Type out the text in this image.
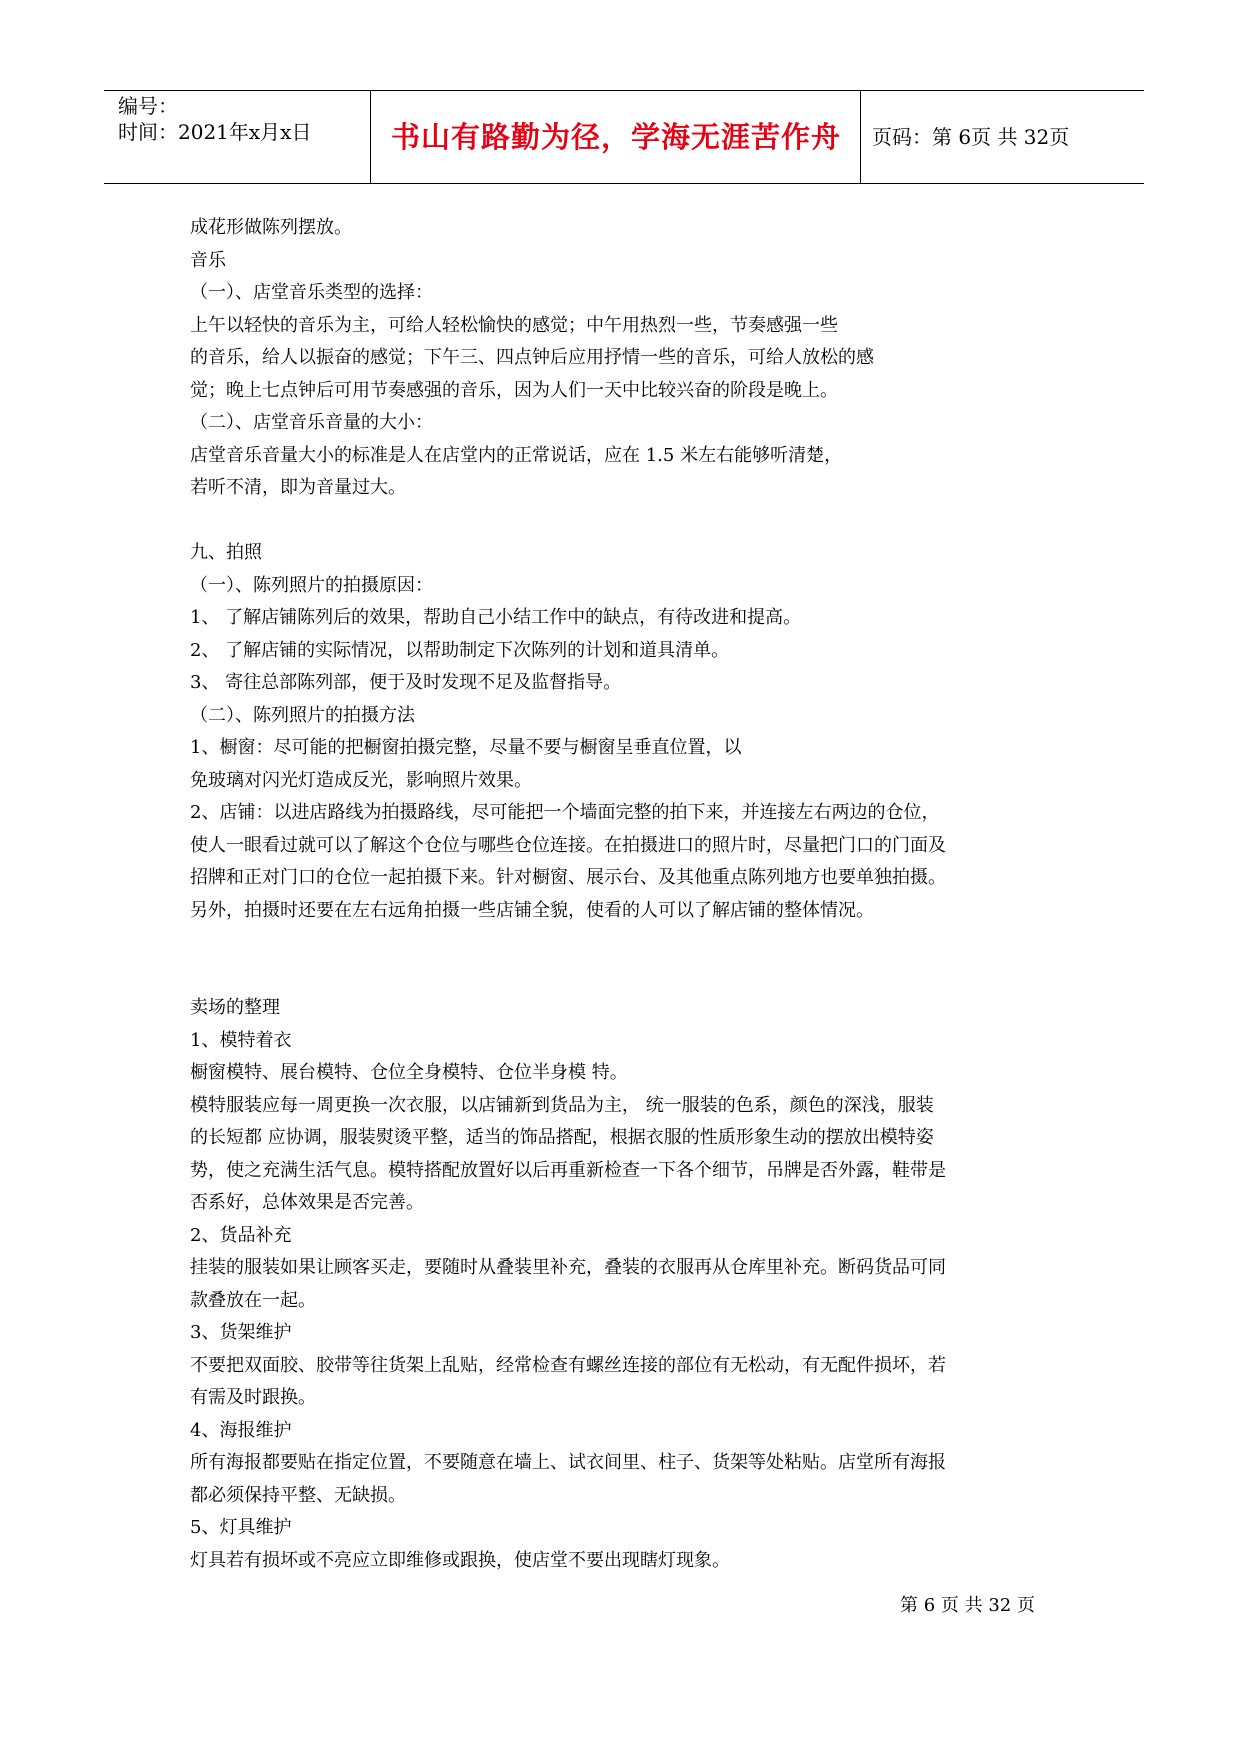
编号：
时间：2021年x月x日	书山有路勤为径，学海无涯苦作舟	页码：第 6页 共 32页
成花形做陈列摆放。
音乐
（一）、店堂音乐类型的选择：
上午以轻快的音乐为主，可给人轻松愉快的感觉；中午用热烈一些，节奏感强一些
的音乐，给人以振奋的感觉；下午三、四点钟后应用抒情一些的音乐，可给人放松的感
觉；晚上七点钟后可用节奏感强的音乐，因为人们一天中比较兴奋的阶段是晚上。
（二）、店堂音乐音量的大小：
店堂音乐音量大小的标准是人在店堂内的正常说话，应在 1.5 米左右能够听清楚，
若听不清，即为音量过大。
九、拍照
（一）、陈列照片的拍摄原因：
1、 了解店铺陈列后的效果，帮助自己小结工作中的缺点，有待改进和提高。
2、 了解店铺的实际情况，以帮助制定下次陈列的计划和道具清单。
3、 寄往总部陈列部，便于及时发现不足及监督指导。
（二）、陈列照片的拍摄方法
1、橱窗：尽可能的把橱窗拍摄完整，尽量不要与橱窗呈垂直位置，以
免玻璃对闪光灯造成反光，影响照片效果。
2、店铺：以进店路线为拍摄路线，尽可能把一个墙面完整的拍下来，并连接左右两边的仓位，
使人一眼看过就可以了解这个仓位与哪些仓位连接。在拍摄进口的照片时，尽量把门口的门面及
招牌和正对门口的仓位一起拍摄下来。针对橱窗、展示台、及其他重点陈列地方也要单独拍摄。
另外，拍摄时还要在左右远角拍摄一些店铺全貌，使看的人可以了解店铺的整体情况。
卖场的整理
1、模特着衣
橱窗模特、展台模特、仓位全身模特、仓位半身模 特。
模特服装应每一周更换一次衣服，以店铺新到货品为主， 统一服装的色系，颜色的深浅，服装
的长短都 应协调，服装熨烫平整，适当的饰品搭配，根据衣服的性质形象生动的摆放出模特姿
势，使之充满生活气息。模特搭配放置好以后再重新检查一下各个细节，吊牌是否外露，鞋带是
否系好，总体效果是否完善。
2、货品补充
挂装的服装如果让顾客买走，要随时从叠装里补充，叠装的衣服再从仓库里补充。断码货品可同
款叠放在一起。
3、货架维护
不要把双面胶、胶带等往货架上乱贴，经常检查有螺丝连接的部位有无松动，有无配件损坏，若
有需及时跟换。
4、海报维护
所有海报都要贴在指定位置，不要随意在墙上、试衣间里、柱子、货架等处粘贴。店堂所有海报
都必须保持平整、无缺损。
5、灯具维护
灯具若有损坏或不亮应立即维修或跟换，使店堂不要出现瞎灯现象。
第 6 页 共 32 页
